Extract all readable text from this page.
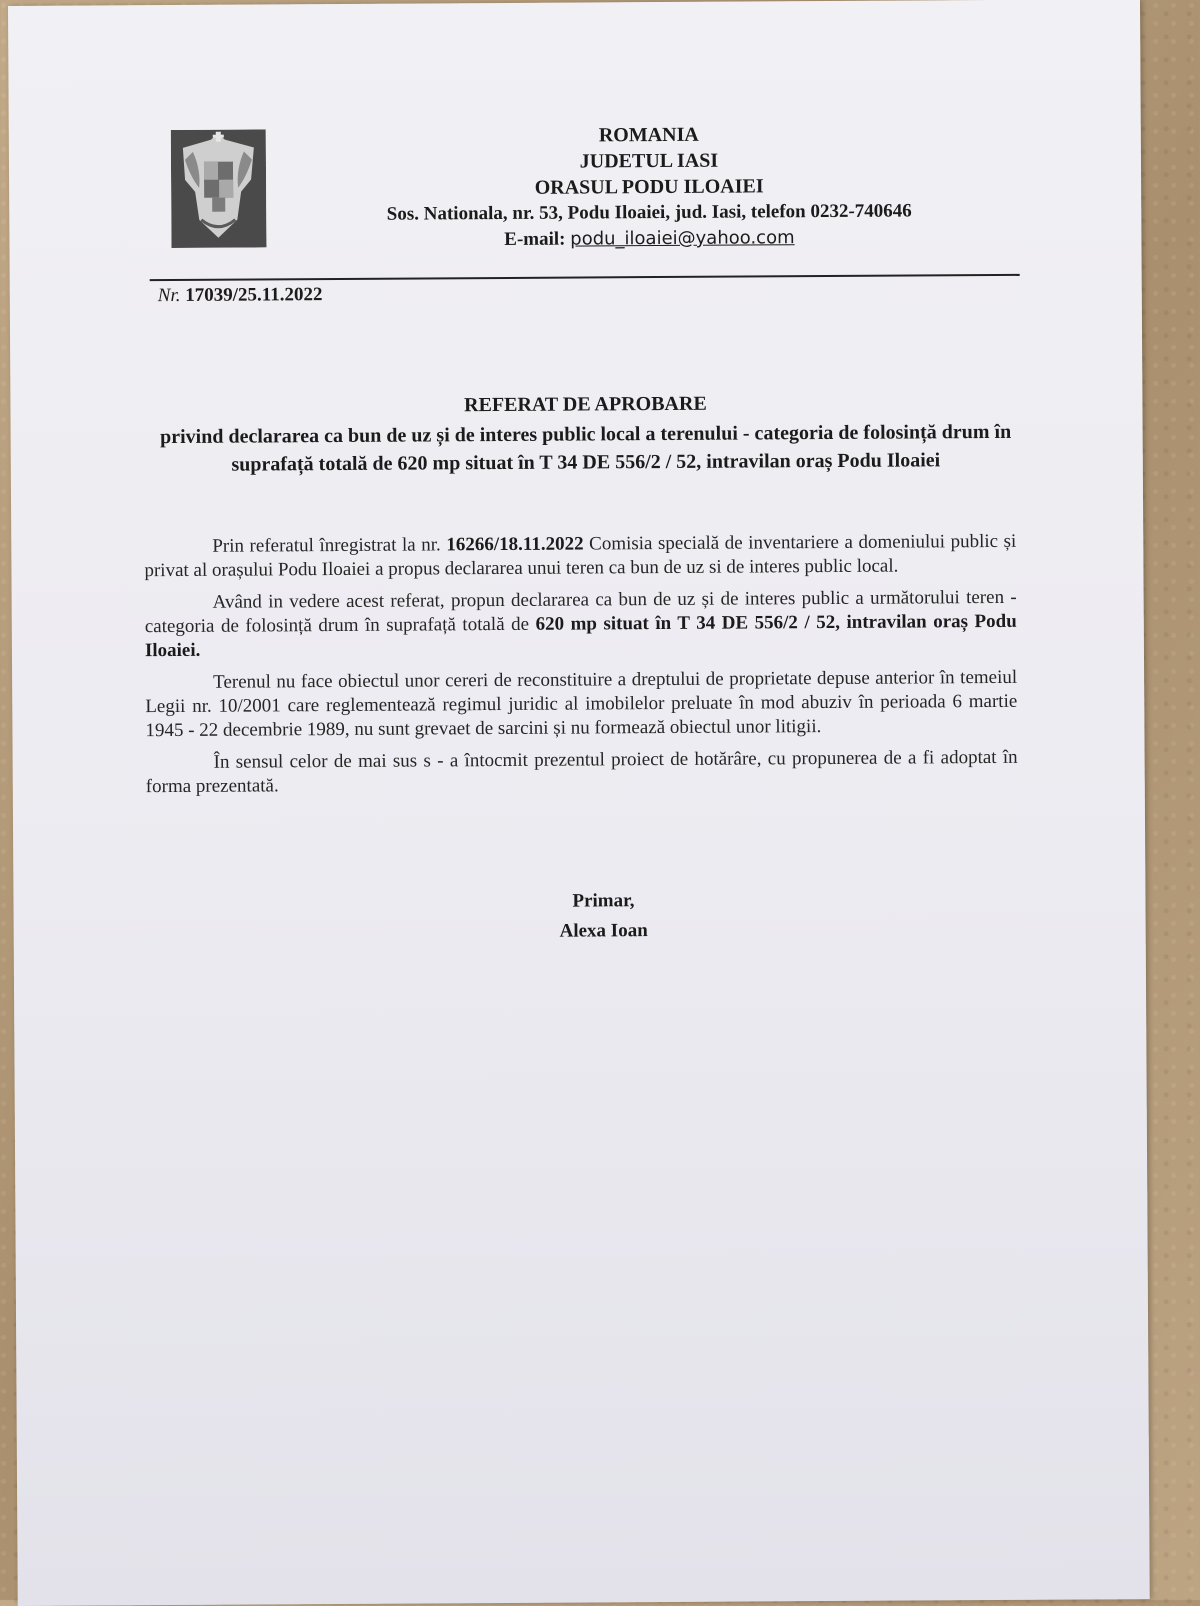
ROMANIA
JUDETUL IASI
ORASUL PODU ILOAIEI
Sos. Nationala, nr. 53, Podu Iloaiei, jud. Iasi, telefon 0232-740646
E-mail: podu_iloaiei@yahoo.com
Nr. 17039/25.11.2022
REFERAT DE APROBARE
privind declararea ca bun de uz și de interes public local a terenului - categoria de folosință drum în suprafață totală de 620 mp situat în T 34 DE 556/2 / 52, intravilan oraș Podu Iloaiei

Prin referatul înregistrat la nr. 16266/18.11.2022 Comisia specială de inventariere a domeniului public și privat al orașului Podu Iloaiei a propus declararea unui teren ca bun de uz si de interes public local.

Având in vedere acest referat, propun declararea ca bun de uz și de interes public a următorului teren - categoria de folosință drum în suprafață totală de 620 mp situat în T 34 DE 556/2 / 52, intravilan oraș Podu Iloaiei.

Terenul nu face obiectul unor cereri de reconstituire a dreptului de proprietate depuse anterior în temeiul Legii nr. 10/2001 care reglementează regimul juridic al imobilelor preluate în mod abuziv în perioada 6 martie 1945 - 22 decembrie 1989, nu sunt grevaet de sarcini și nu formează obiectul unor litigii.

În sensul celor de mai sus s - a întocmit prezentul proiect de hotărâre, cu propunerea de a fi adoptat în forma prezentată.

Primar,
Alexa Ioan
